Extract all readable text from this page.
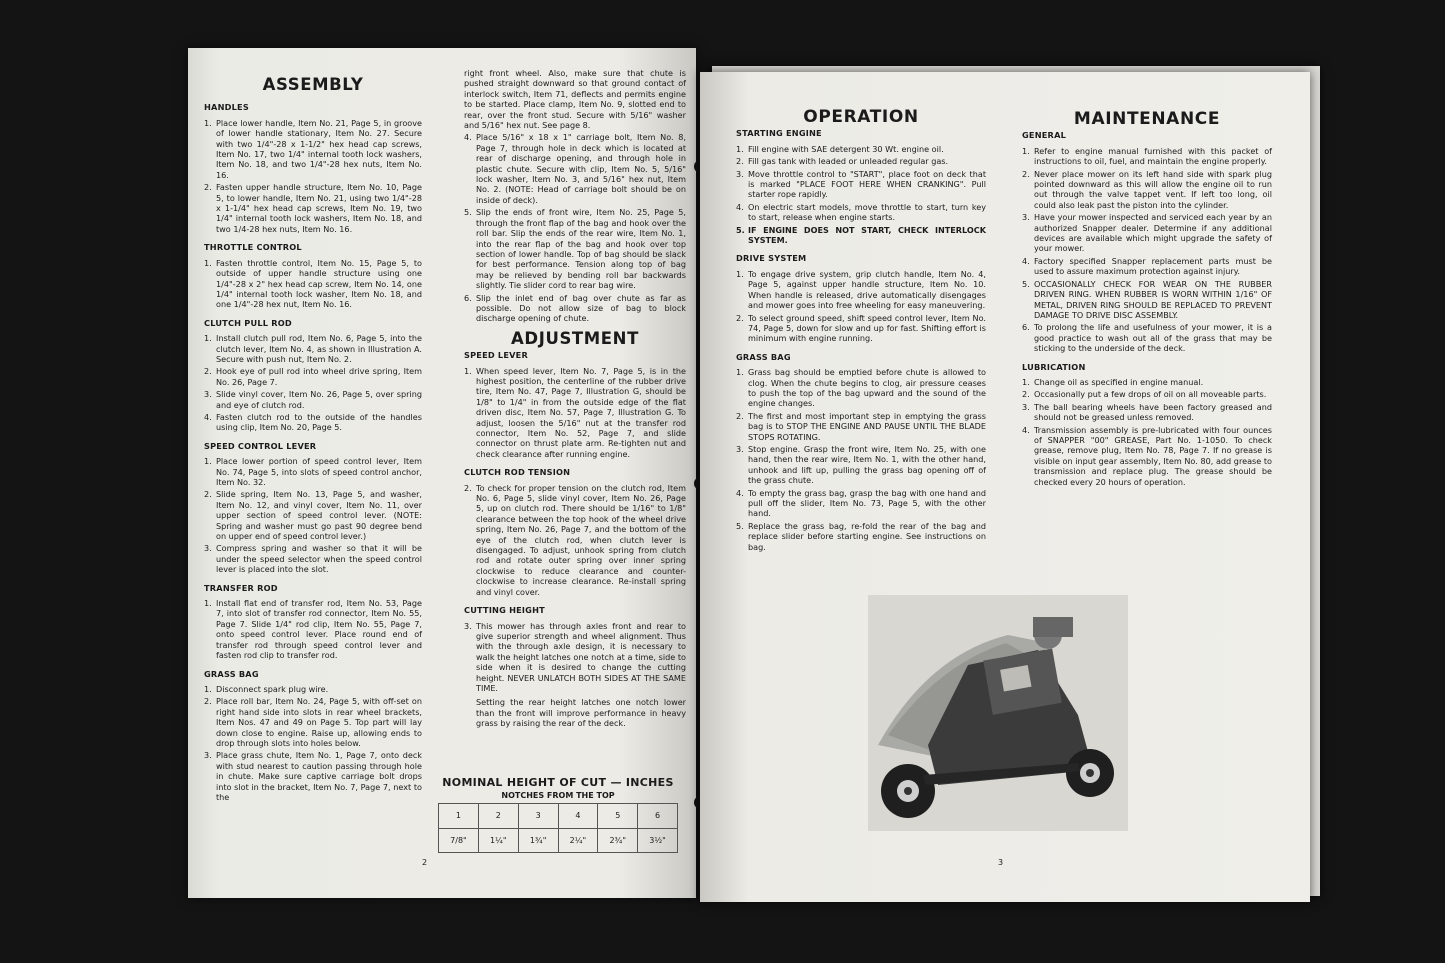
ASSEMBLY
HANDLES
1. Place lower handle, Item No. 21, Page 5, in groove of lower handle stationary, Item No. 27. Secure with two 1/4"-28 x 1-1/2" hex head cap screws, Item No. 17, two 1/4" internal tooth lock washers, Item No. 18, and two 1/4"-28 hex nuts, Item No. 16.
2. Fasten upper handle structure, Item No. 10, Page 5, to lower handle, Item No. 21, using two 1/4"-28 x 1-1/4" hex head cap screws, Item No. 19, two 1/4" internal tooth lock washers, Item No. 18, and two 1/4-28 hex nuts, Item No. 16.
THROTTLE CONTROL
1. Fasten throttle control, Item No. 15, Page 5, to outside of upper handle structure using one 1/4"-28 x 2" hex head cap screw, Item No. 14, one 1/4" internal tooth lock washer, Item No. 18, and one 1/4"-28 hex nut, Item No. 16.
CLUTCH PULL ROD
1. Install clutch pull rod, Item No. 6, Page 5, into the clutch lever, Item No. 4, as shown in Illustration A. Secure with push nut, Item No. 2.
2. Hook eye of pull rod into wheel drive spring, Item No. 26, Page 7.
3. Slide vinyl cover, Item No. 26, Page 5, over spring and eye of clutch rod.
4. Fasten clutch rod to the outside of the handles using clip, Item No. 20, Page 5.
SPEED CONTROL LEVER
1. Place lower portion of speed control lever, Item No. 74, Page 5, into slots of speed control anchor, Item No. 32.
2. Slide spring, Item No. 13, Page 5, and washer, Item No. 12, and vinyl cover, Item No. 11, over upper section of speed control lever. (NOTE: Spring and washer must go past 90 degree bend on upper end of speed control lever.)
3. Compress spring and washer so that it will be under the speed selector when the speed control lever is placed into the slot.
TRANSFER ROD
1. Install flat end of transfer rod, Item No. 53, Page 7, into slot of transfer rod connector, Item No. 55, Page 7. Slide 1/4" rod clip, Item No. 55, Page 7, onto speed control lever. Place round end of transfer rod through speed control lever and fasten rod clip to transfer rod.
GRASS BAG
1. Disconnect spark plug wire.
2. Place roll bar, Item No. 24, Page 5, with off-set on right hand side into slots in rear wheel brackets, Item Nos. 47 and 49 on Page 5. Top part will lay down close to engine. Raise up, allowing ends to drop through slots into holes below.
3. Place grass chute, Item No. 1, Page 7, onto deck with stud nearest to caution passing through hole in chute. Make sure captive carriage bolt drops into slot in the bracket, Item No. 7, Page 7, next to the

right front wheel. Also, make sure that chute is pushed straight downward so that ground contact of interlock switch, Item 71, deflects and permits engine to be started. Place clamp, Item No. 9, slotted end to rear, over the front stud. Secure with 5/16" washer and 5/16" hex nut. See page 8.

4. Place 5/16" x 18 x 1" carriage bolt, Item No. 8, Page 7, through hole in deck which is located at rear of discharge opening, and through hole in plastic chute. Secure with clip, Item No. 5, 5/16" lock washer, Item No. 3, and 5/16" hex nut, Item No. 2. (NOTE: Head of carriage bolt should be on inside of deck).
5. Slip the ends of front wire, Item No. 25, Page 5, through the front flap of the bag and hook over the roll bar. Slip the ends of the rear wire, Item No. 1, into the rear flap of the bag and hook over top section of lower handle. Top of bag should be slack for best performance. Tension along top of bag may be relieved by bending roll bar backwards slightly. Tie slider cord to rear bag wire.
6. Slip the inlet end of bag over chute as far as possible. Do not allow size of bag to block discharge opening of chute.
ADJUSTMENT
SPEED LEVER
1. When speed lever, Item No. 7, Page 5, is in the highest position, the centerline of the rubber drive tire, Item No. 47, Page 7, Illustration G, should be 1/8" to 1/4" in from the outside edge of the flat driven disc, Item No. 57, Page 7, Illustration G. To adjust, loosen the 5/16" nut at the transfer rod connector, Item No. 52, Page 7, and slide connector on thrust plate arm. Re-tighten nut and check clearance after running engine.
CLUTCH ROD TENSION
2. To check for proper tension on the clutch rod, Item No. 6, Page 5, slide vinyl cover, Item No. 26, Page 5, up on clutch rod. There should be 1/16" to 1/8" clearance between the top hook of the wheel drive spring, Item No. 26, Page 7, and the bottom of the eye of the clutch rod, when clutch lever is disengaged. To adjust, unhook spring from clutch rod and rotate outer spring over inner spring clockwise to reduce clearance and counter-clockwise to increase clearance. Re-install spring and vinyl cover.
CUTTING HEIGHT
3. This mower has through axles front and rear to give superior strength and wheel alignment. Thus with the through axle design, it is necessary to walk the height latches one notch at a time, side to side when it is desired to change the cutting height. NEVER UNLATCH BOTH SIDES AT THE SAME TIME.

Setting the rear height latches one notch lower than the front will improve performance in heavy grass by raising the rear of the deck.

NOMINAL HEIGHT OF CUT — INCHES
NOTCHES FROM THE TOP
1	2	3	4	5	6
7/8"	1¼"	1¾"	2¼"	2¾"	3½"
2
OPERATION
STARTING ENGINE
1. Fill engine with SAE detergent 30 Wt. engine oil.
2. Fill gas tank with leaded or unleaded regular gas.
3. Move throttle control to "START", place foot on deck that is marked "PLACE FOOT HERE WHEN CRANKING". Pull starter rope rapidly.
4. On electric start models, move throttle to start, turn key to start, release when engine starts.
5. IF ENGINE DOES NOT START, CHECK INTERLOCK SYSTEM.
DRIVE SYSTEM
1. To engage drive system, grip clutch handle, Item No. 4, Page 5, against upper handle structure, Item No. 10. When handle is released, drive automatically disengages and mower goes into free wheeling for easy maneuvering.
2. To select ground speed, shift speed control lever, Item No. 74, Page 5, down for slow and up for fast. Shifting effort is minimum with engine running.
GRASS BAG
1. Grass bag should be emptied before chute is allowed to clog. When the chute begins to clog, air pressure ceases to push the top of the bag upward and the sound of the engine changes.
2. The first and most important step in emptying the grass bag is to STOP THE ENGINE AND PAUSE UNTIL THE BLADE STOPS ROTATING.
3. Stop engine. Grasp the front wire, Item No. 25, with one hand, then the rear wire, Item No. 1, with the other hand, unhook and lift up, pulling the grass bag opening off of the grass chute.
4. To empty the grass bag, grasp the bag with one hand and pull off the slider, Item No. 73, Page 5, with the other hand.
5. Replace the grass bag, re-fold the rear of the bag and replace slider before starting engine. See instructions on bag.
MAINTENANCE
GENERAL
1. Refer to engine manual furnished with this packet of instructions to oil, fuel, and maintain the engine properly.
2. Never place mower on its left hand side with spark plug pointed downward as this will allow the engine oil to run out through the valve tappet vent. If left too long, oil could also leak past the piston into the cylinder.
3. Have your mower inspected and serviced each year by an authorized Snapper dealer. Determine if any additional devices are available which might upgrade the safety of your mower.
4. Factory specified Snapper replacement parts must be used to assure maximum protection against injury.
5. OCCASIONALLY CHECK FOR WEAR ON THE RUBBER DRIVEN RING. WHEN RUBBER IS WORN WITHIN 1/16" OF METAL, DRIVEN RING SHOULD BE REPLACED TO PREVENT DAMAGE TO DRIVE DISC ASSEMBLY.
6. To prolong the life and usefulness of your mower, it is a good practice to wash out all of the grass that may be sticking to the underside of the deck.
LUBRICATION
1. Change oil as specified in engine manual.
2. Occasionally put a few drops of oil on all moveable parts.
3. The ball bearing wheels have been factory greased and should not be greased unless removed.
4. Transmission assembly is pre-lubricated with four ounces of SNAPPER "00" GREASE, Part No. 1-1050. To check grease, remove plug, Item No. 78, Page 7. If no grease is visible on input gear assembly, Item No. 80, add grease to transmission and replace plug. The grease should be checked every 20 hours of operation.
3
